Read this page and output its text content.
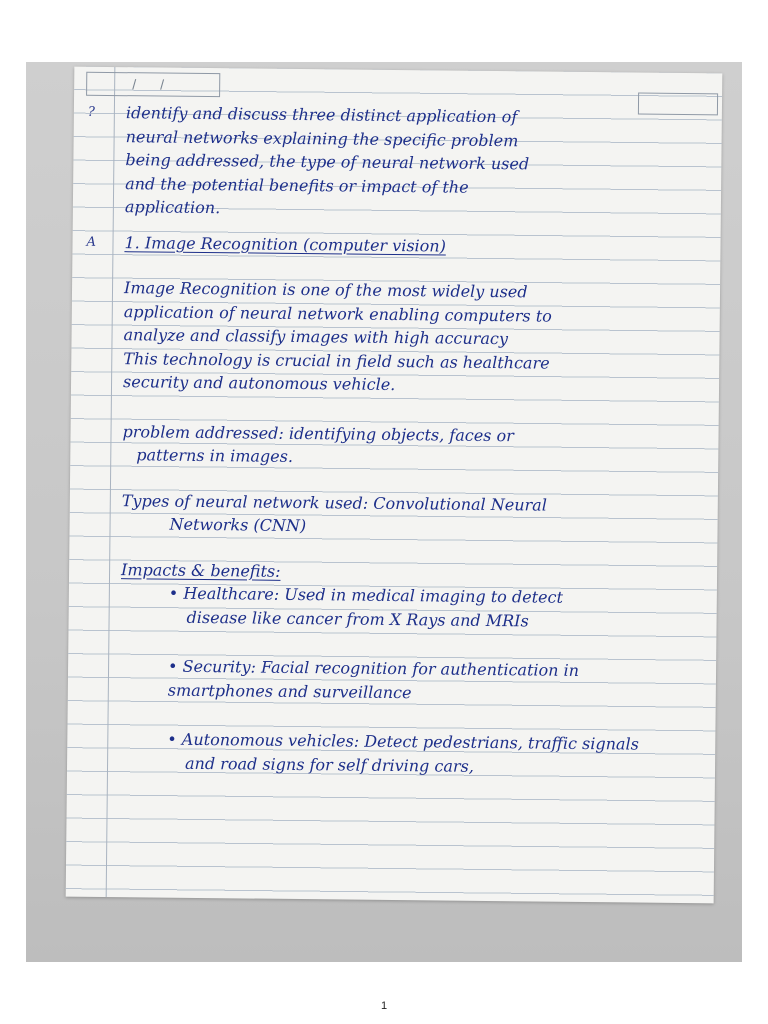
/ /
? identify and discuss three distinct application of
neural networks explaining the specific problem
being addressed, the type of neural network used
and the potential benefits or impact of the
application.
A 1. Image Recognition (computer vision)
Image Recognition is one of the most widely used
application of neural network enabling computers to
analyze and classify images with high accuracy
This technology is crucial in field such as healthcare
security and autonomous vehicle.
problem addressed: identifying objects, faces or
patterns in images.
Types of neural network used: Convolutional Neural
Networks (CNN)
Impacts & benefits:
• Healthcare: Used in medical imaging to detect
disease like cancer from X Rays and MRIs
• Security: Facial recognition for authentication in
smartphones and surveillance
• Autonomous vehicles: Detect pedestrians, traffic signals
and road signs for self driving cars,
1
